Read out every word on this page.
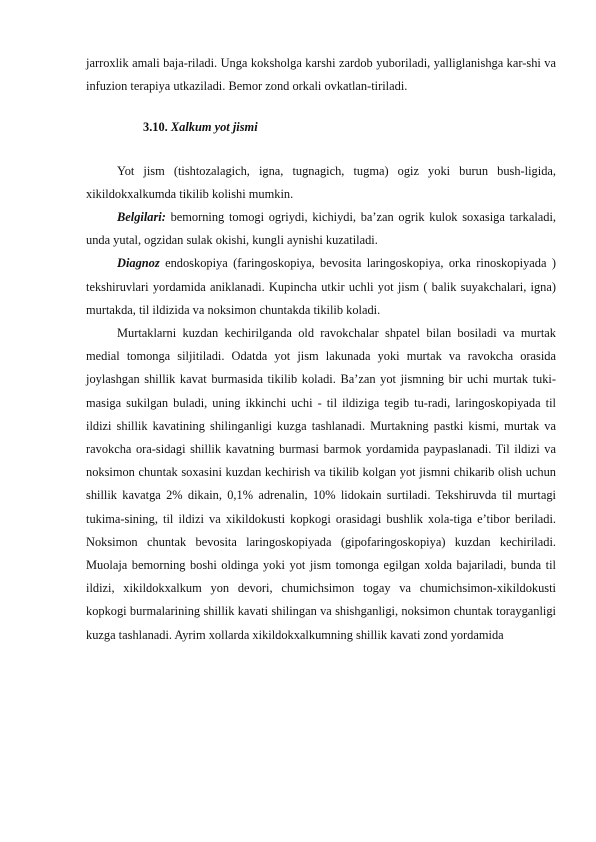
jarroxlik amali baja-riladi. Unga koksholga karshi zardob yuboriladi, yalliglanishga kar-shi va infuzion terapiya utkaziladi. Bemor zond orkali ovkatlan-tiriladi.

3.10. Xalkum yot jismi

Yot jism (tishtozalagich, igna, tugnagich, tugma) ogiz yoki burun bush-ligida, xikildokxalkumda tikilib kolishi mumkin.

Belgilari: bemorning tomogi ogriydi, kichiydi, ba’zan ogrik kulok soxasiga tarkaladi, unda yutal, ogzidan sulak okishi, kungli aynishi kuzatiladi.

Diagnoz endoskopiya (faringoskopiya, bevosita laringoskopiya, orka rinoskopiyada ) tekshiruvlari yordamida aniklanadi. Kupincha utkir uchli yot jism ( balik suyakchalari, igna) murtakda, til ildizida va noksimon chuntakda tikilib koladi.

Murtaklarni kuzdan kechirilganda old ravokchalar shpatel bilan bosiladi va murtak medial tomonga siljitiladi. Odatda yot jism lakunada yoki murtak va ravokcha orasida joylashgan shillik kavat burmasida tikilib koladi. Ba’zan yot jismning bir uchi murtak tuki-masiga sukilgan buladi, uning ikkinchi uchi - til ildiziga tegib tu-radi, laringoskopiyada til ildizi shillik kavatining shilinganligi kuzga tashlanadi. Murtakning pastki kismi, murtak va ravokcha ora-sidagi shillik kavatning burmasi barmok yordamida paypaslanadi. Til ildizi va noksimon chuntak soxasini kuzdan kechirish va tikilib kolgan yot jismni chikarib olish uchun shillik kavatga 2% dikain, 0,1% adrenalin, 10% lidokain surtiladi. Tekshiruvda til murtagi tukima-sining, til ildizi va xikildokusti kopkogi orasidagi bushlik xola-tiga e’tibor beriladi. Noksimon chuntak bevosita laringoskopiyada (gipofaringoskopiya) kuzdan kechiriladi. Muolaja bemorning boshi oldinga yoki yot jism tomonga egilgan xolda bajariladi, bunda til ildizi, xikildokxalkum yon devori, chumichsimon togay va chumichsimon-xikildokusti kopkogi burmalarining shillik kavati shilingan va shishganligi, noksimon chuntak torayganligi kuzga tashlanadi. Ayrim xollarda xikildokxalkumning shillik kavati zond yordamida
